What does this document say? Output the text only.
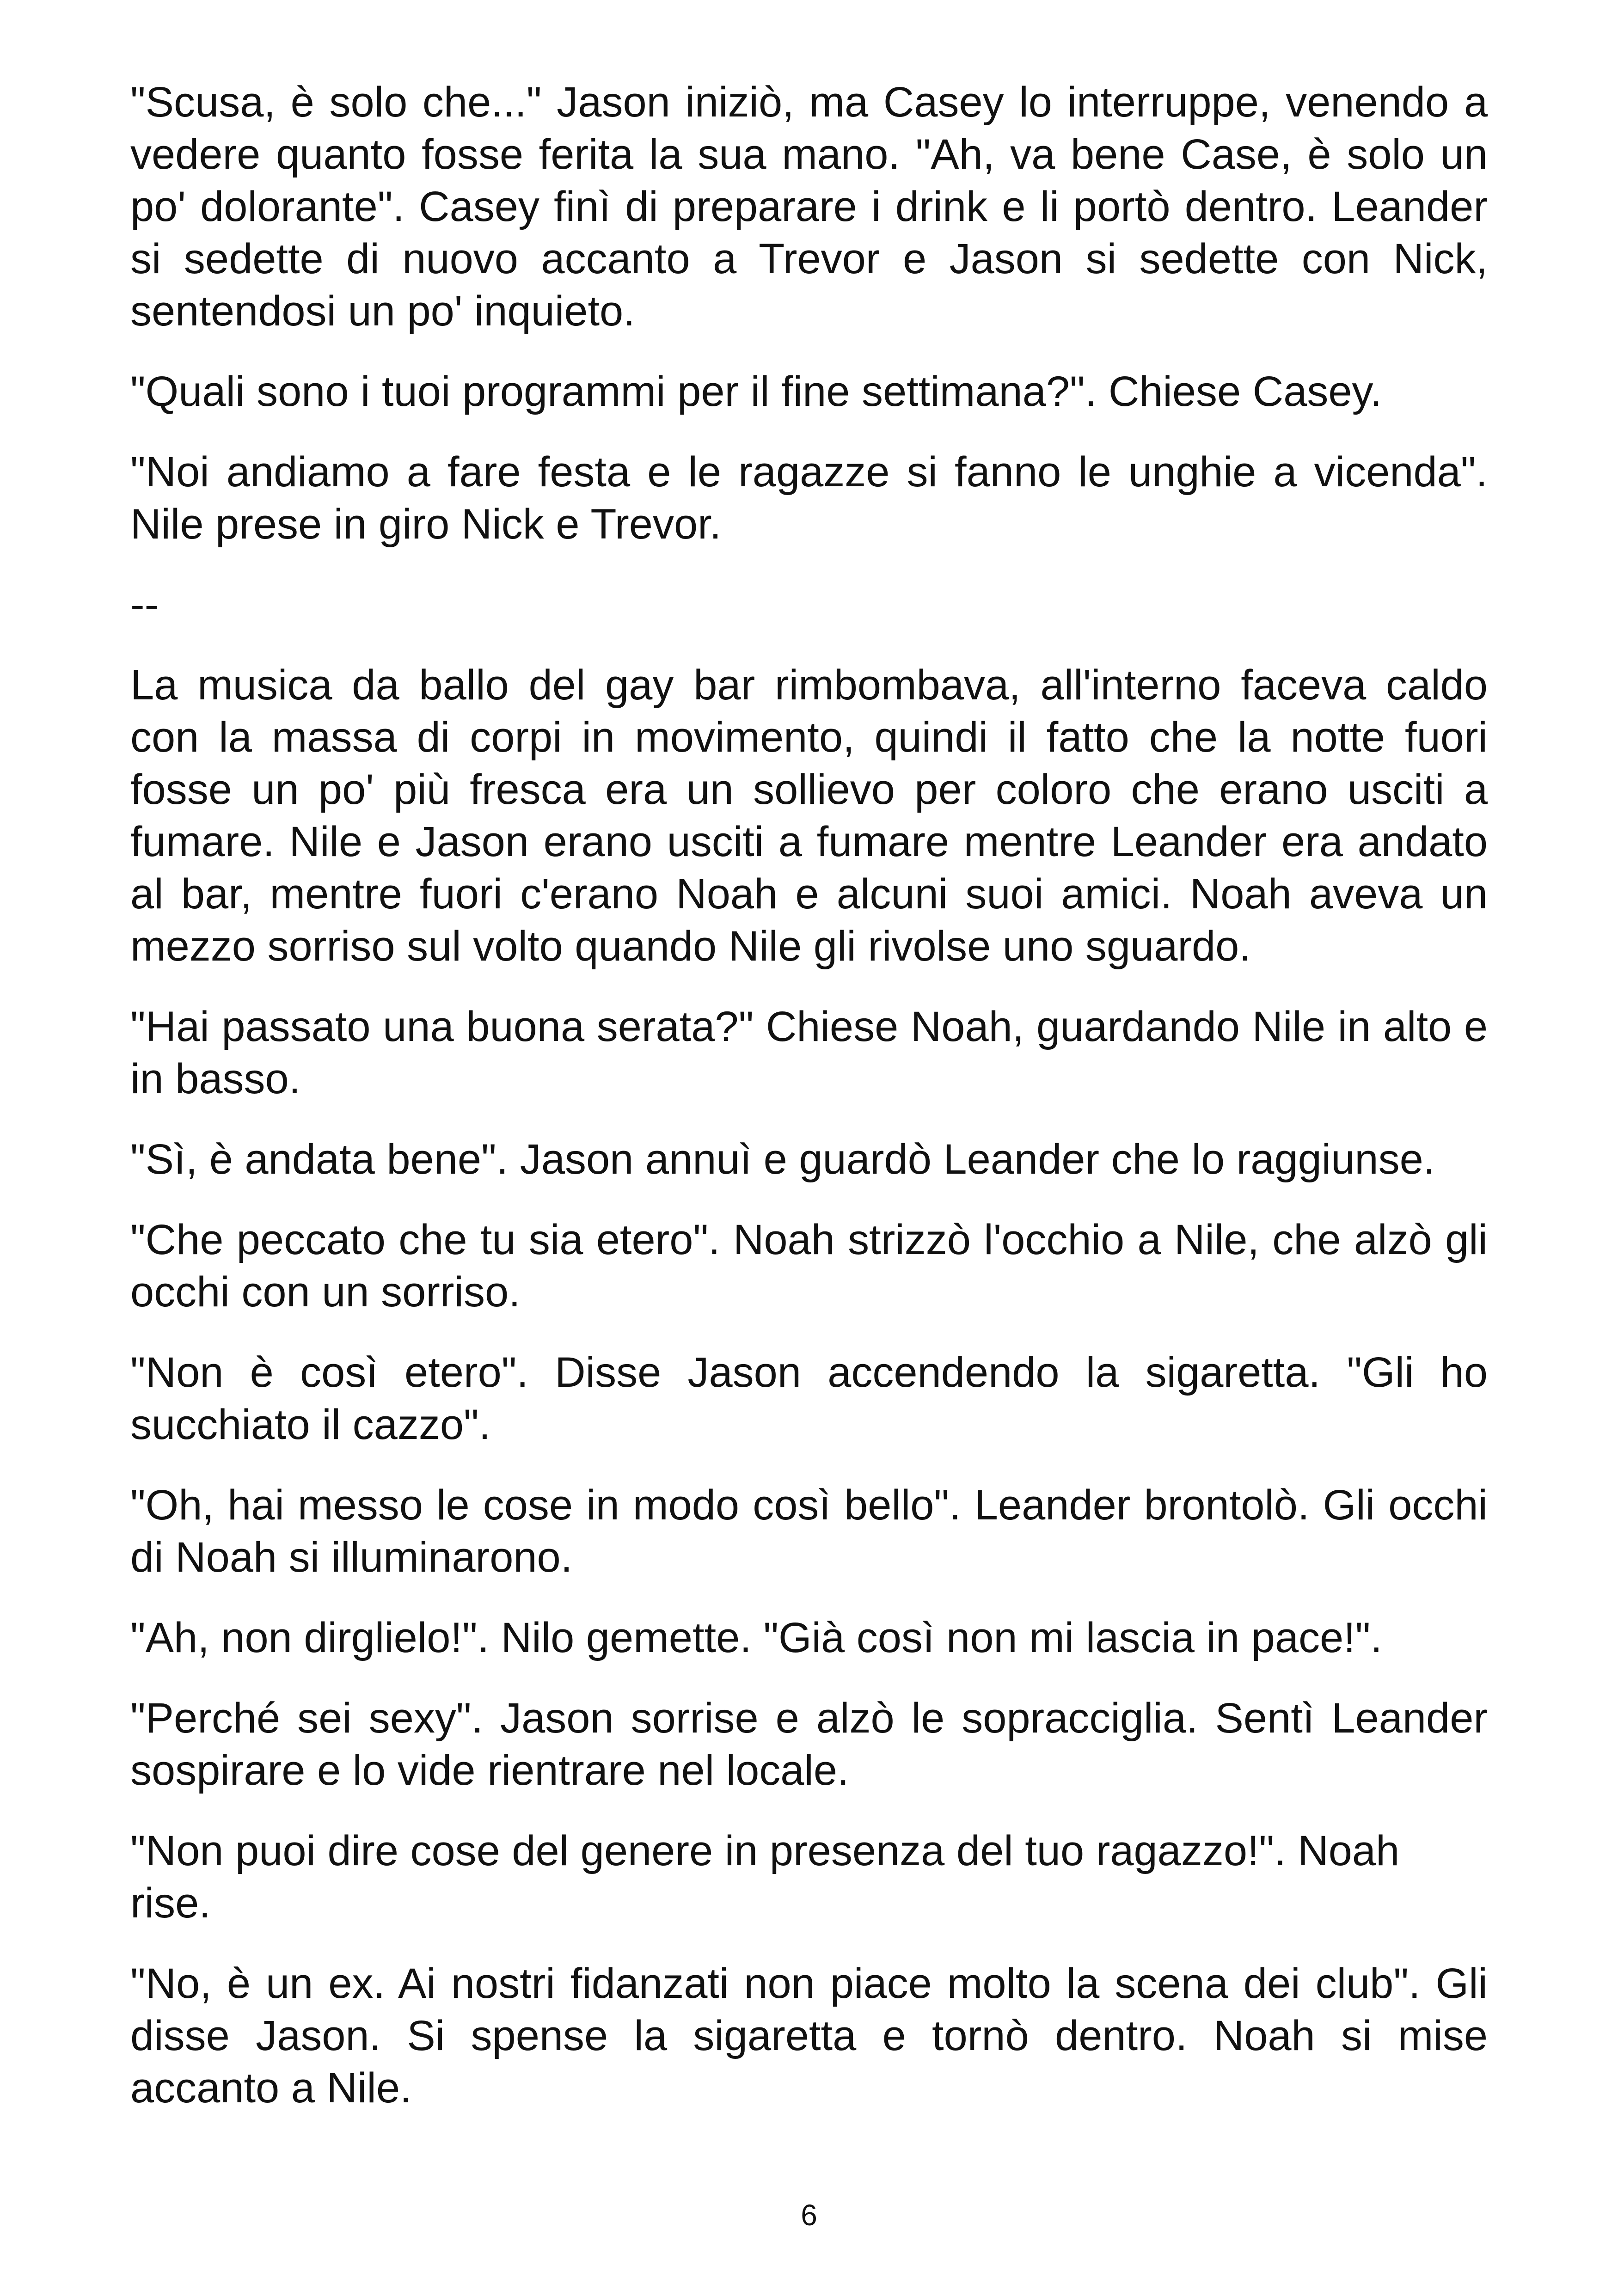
"Scusa, è solo che..." Jason iniziò, ma Casey lo interruppe, venendo a vedere quanto fosse ferita la sua mano. "Ah, va bene Case, è solo un po' dolorante". Casey finì di preparare i drink e li portò dentro. Leander si sedette di nuovo accanto a Trevor e Jason si sedette con Nick, sentendosi un po' inquieto.

"Quali sono i tuoi programmi per il fine settimana?". Chiese Casey.

"Noi andiamo a fare festa e le ragazze si fanno le unghie a vicenda". Nile prese in giro Nick e Trevor.

--

La musica da ballo del gay bar rimbombava, all'interno faceva caldo con la massa di corpi in movimento, quindi il fatto che la notte fuori fosse un po' più fresca era un sollievo per coloro che erano usciti a fumare. Nile e Jason erano usciti a fumare mentre Leander era andato al bar, mentre fuori c'erano Noah e alcuni suoi amici. Noah aveva un mezzo sorriso sul volto quando Nile gli rivolse uno sguardo.

"Hai passato una buona serata?" Chiese Noah, guardando Nile in alto e in basso.

"Sì, è andata bene". Jason annuì e guardò Leander che lo raggiunse.

"Che peccato che tu sia etero". Noah strizzò l'occhio a Nile, che alzò gli occhi con un sorriso.

"Non è così etero". Disse Jason accendendo la sigaretta. "Gli ho succhiato il cazzo".

"Oh, hai messo le cose in modo così bello". Leander brontolò. Gli occhi di Noah si illuminarono.

"Ah, non dirglielo!". Nilo gemette. "Già così non mi lascia in pace!".

"Perché sei sexy". Jason sorrise e alzò le sopracciglia. Sentì Leander sospirare e lo vide rientrare nel locale.

"Non puoi dire cose del genere in presenza del tuo ragazzo!". Noah rise.

"No, è un ex. Ai nostri fidanzati non piace molto la scena dei club". Gli disse Jason. Si spense la sigaretta e tornò dentro. Noah si mise accanto a Nile.

6
